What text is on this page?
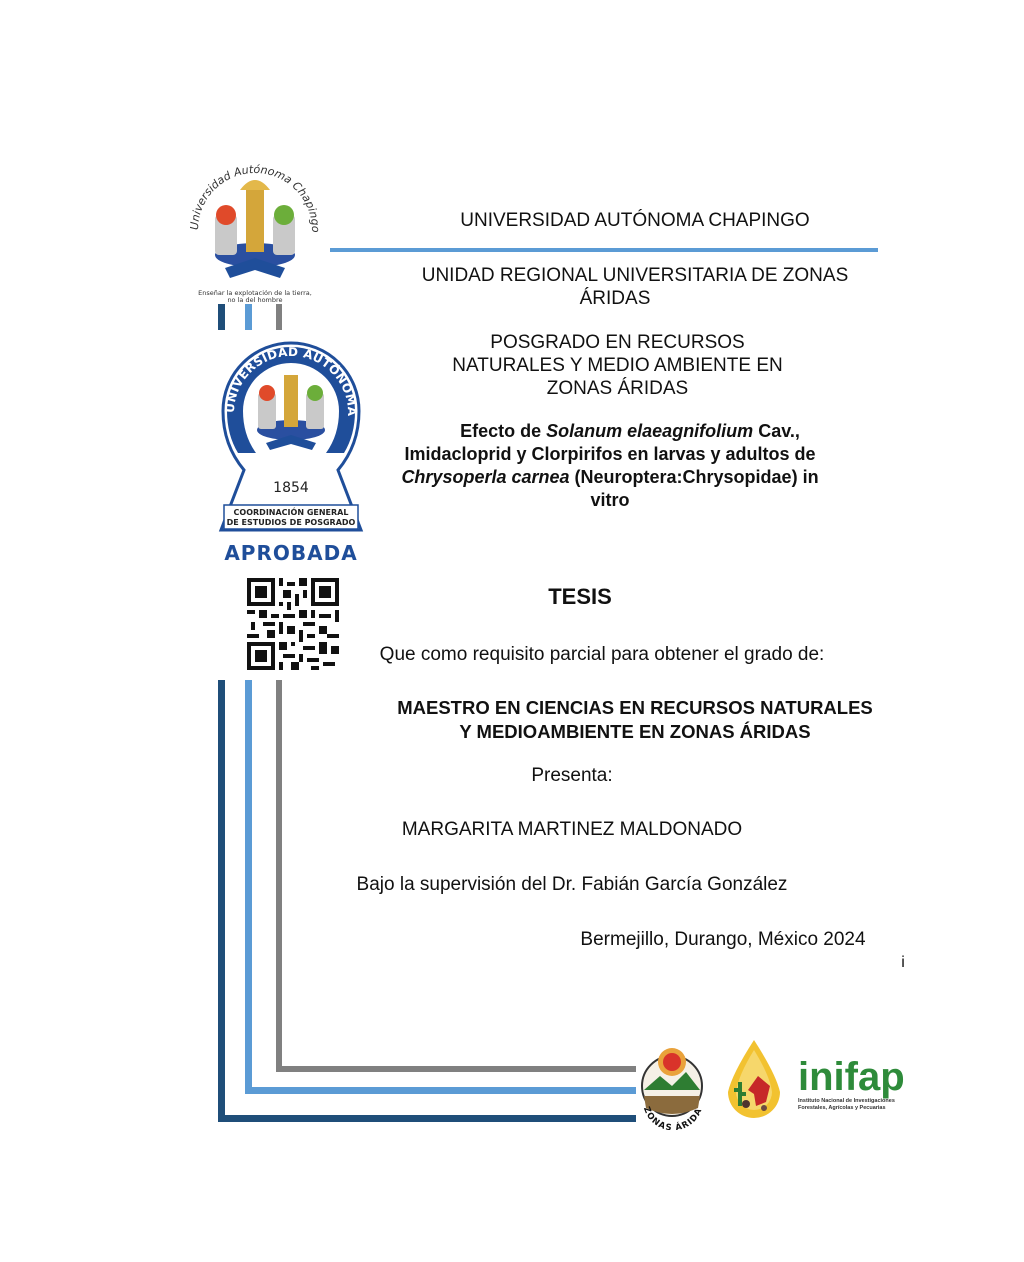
Universidad Autónoma Chapingo
Enseñar la explotación de la tierra,
no la del hombre
UNIVERSIDAD AUTÓNOMA CHAPINGO
UNIDAD REGIONAL UNIVERSITARIA DE ZONAS
ÁRIDAS
POSGRADO EN RECURSOS
NATURALES Y MEDIO AMBIENTE EN
ZONAS ÁRIDAS
Efecto de Solanum elaeagnifolium Cav.,
Imidacloprid y Clorpirifos en larvas y adultos de
Chrysoperla carnea (Neuroptera:Chrysopidae) in
vitro
UNIVERSIDAD AUTÓNOMA
1854
COORDINACIÓN GENERAL
DE ESTUDIOS DE POSGRADO
APROBADA
TESIS
Que como requisito parcial para obtener el grado de:
MAESTRO EN CIENCIAS EN RECURSOS NATURALES
Y MEDIOAMBIENTE EN ZONAS ÁRIDAS
Presenta:
MARGARITA MARTINEZ MALDONADO
Bajo la supervisión del Dr. Fabián García González
Bermejillo, Durango, México 2024
i
ZONAS ÁRIDA
inifap
Instituto Nacional de Investigaciones
Forestales, Agrícolas y Pecuarias
